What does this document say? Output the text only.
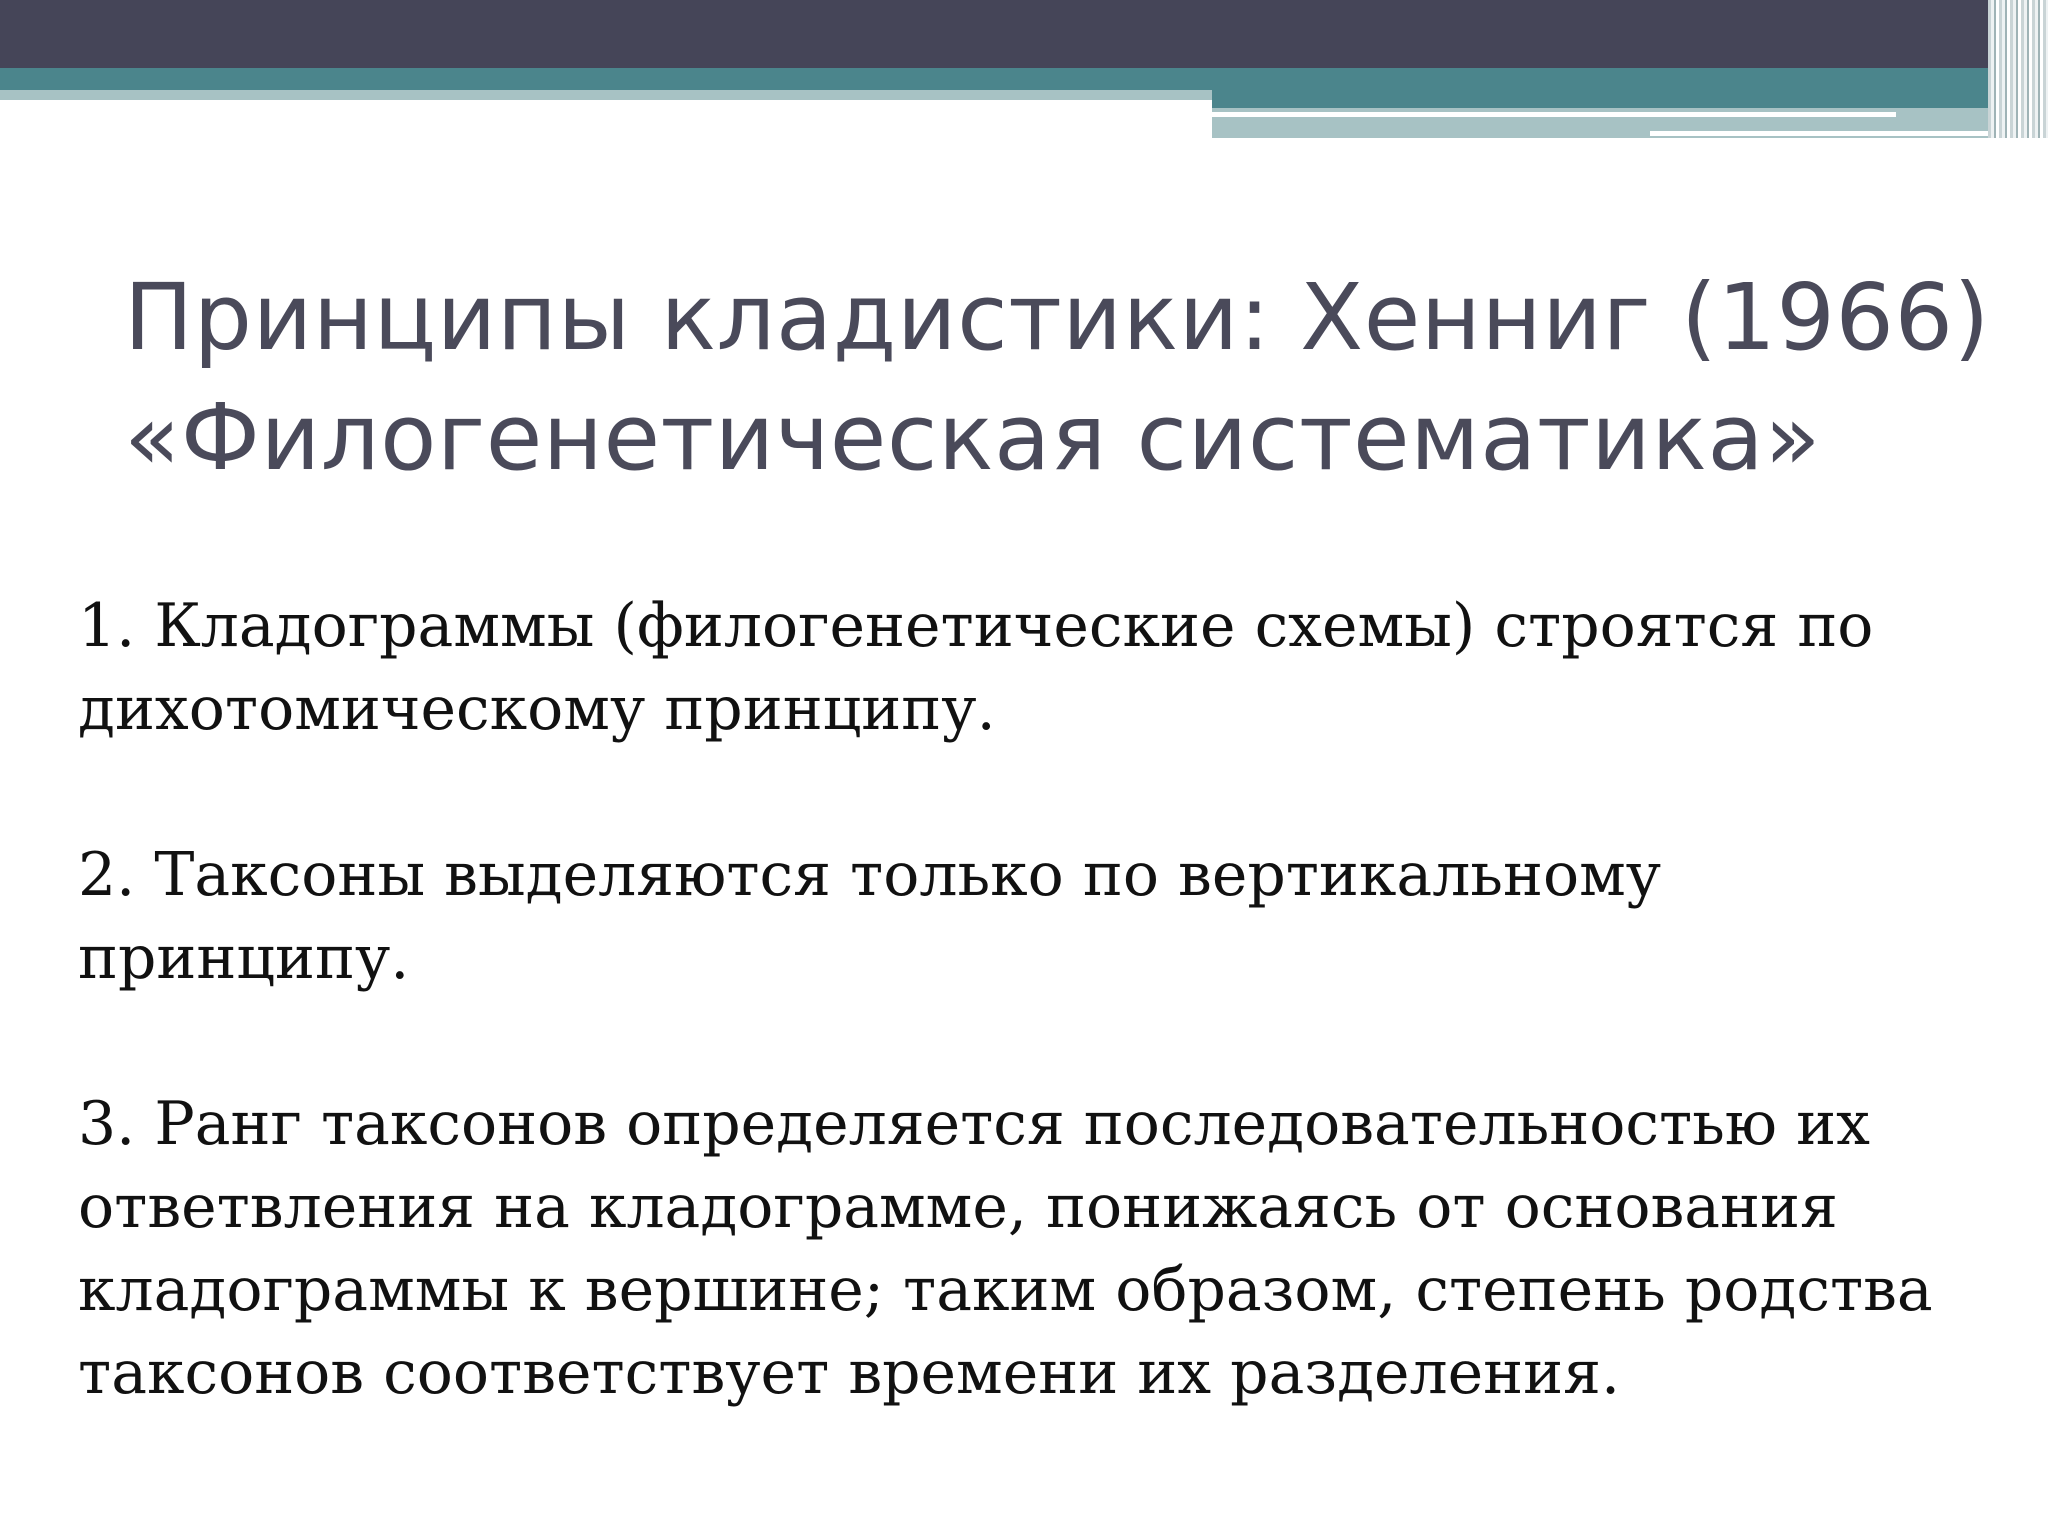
Принципы кладистики: Хенниг (1966)
«Филогенетическая систематика»

1. Кладограммы (филогенетические схемы) строятся по
дихотомическому принципу.

2. Таксоны выделяются только по вертикальному
принципу.

3. Ранг таксонов определяется последовательностью их
ответвления на кладограмме, понижаясь от основания
кладограммы к вершине; таким образом, степень родства
таксонов соответствует времени их разделения.
